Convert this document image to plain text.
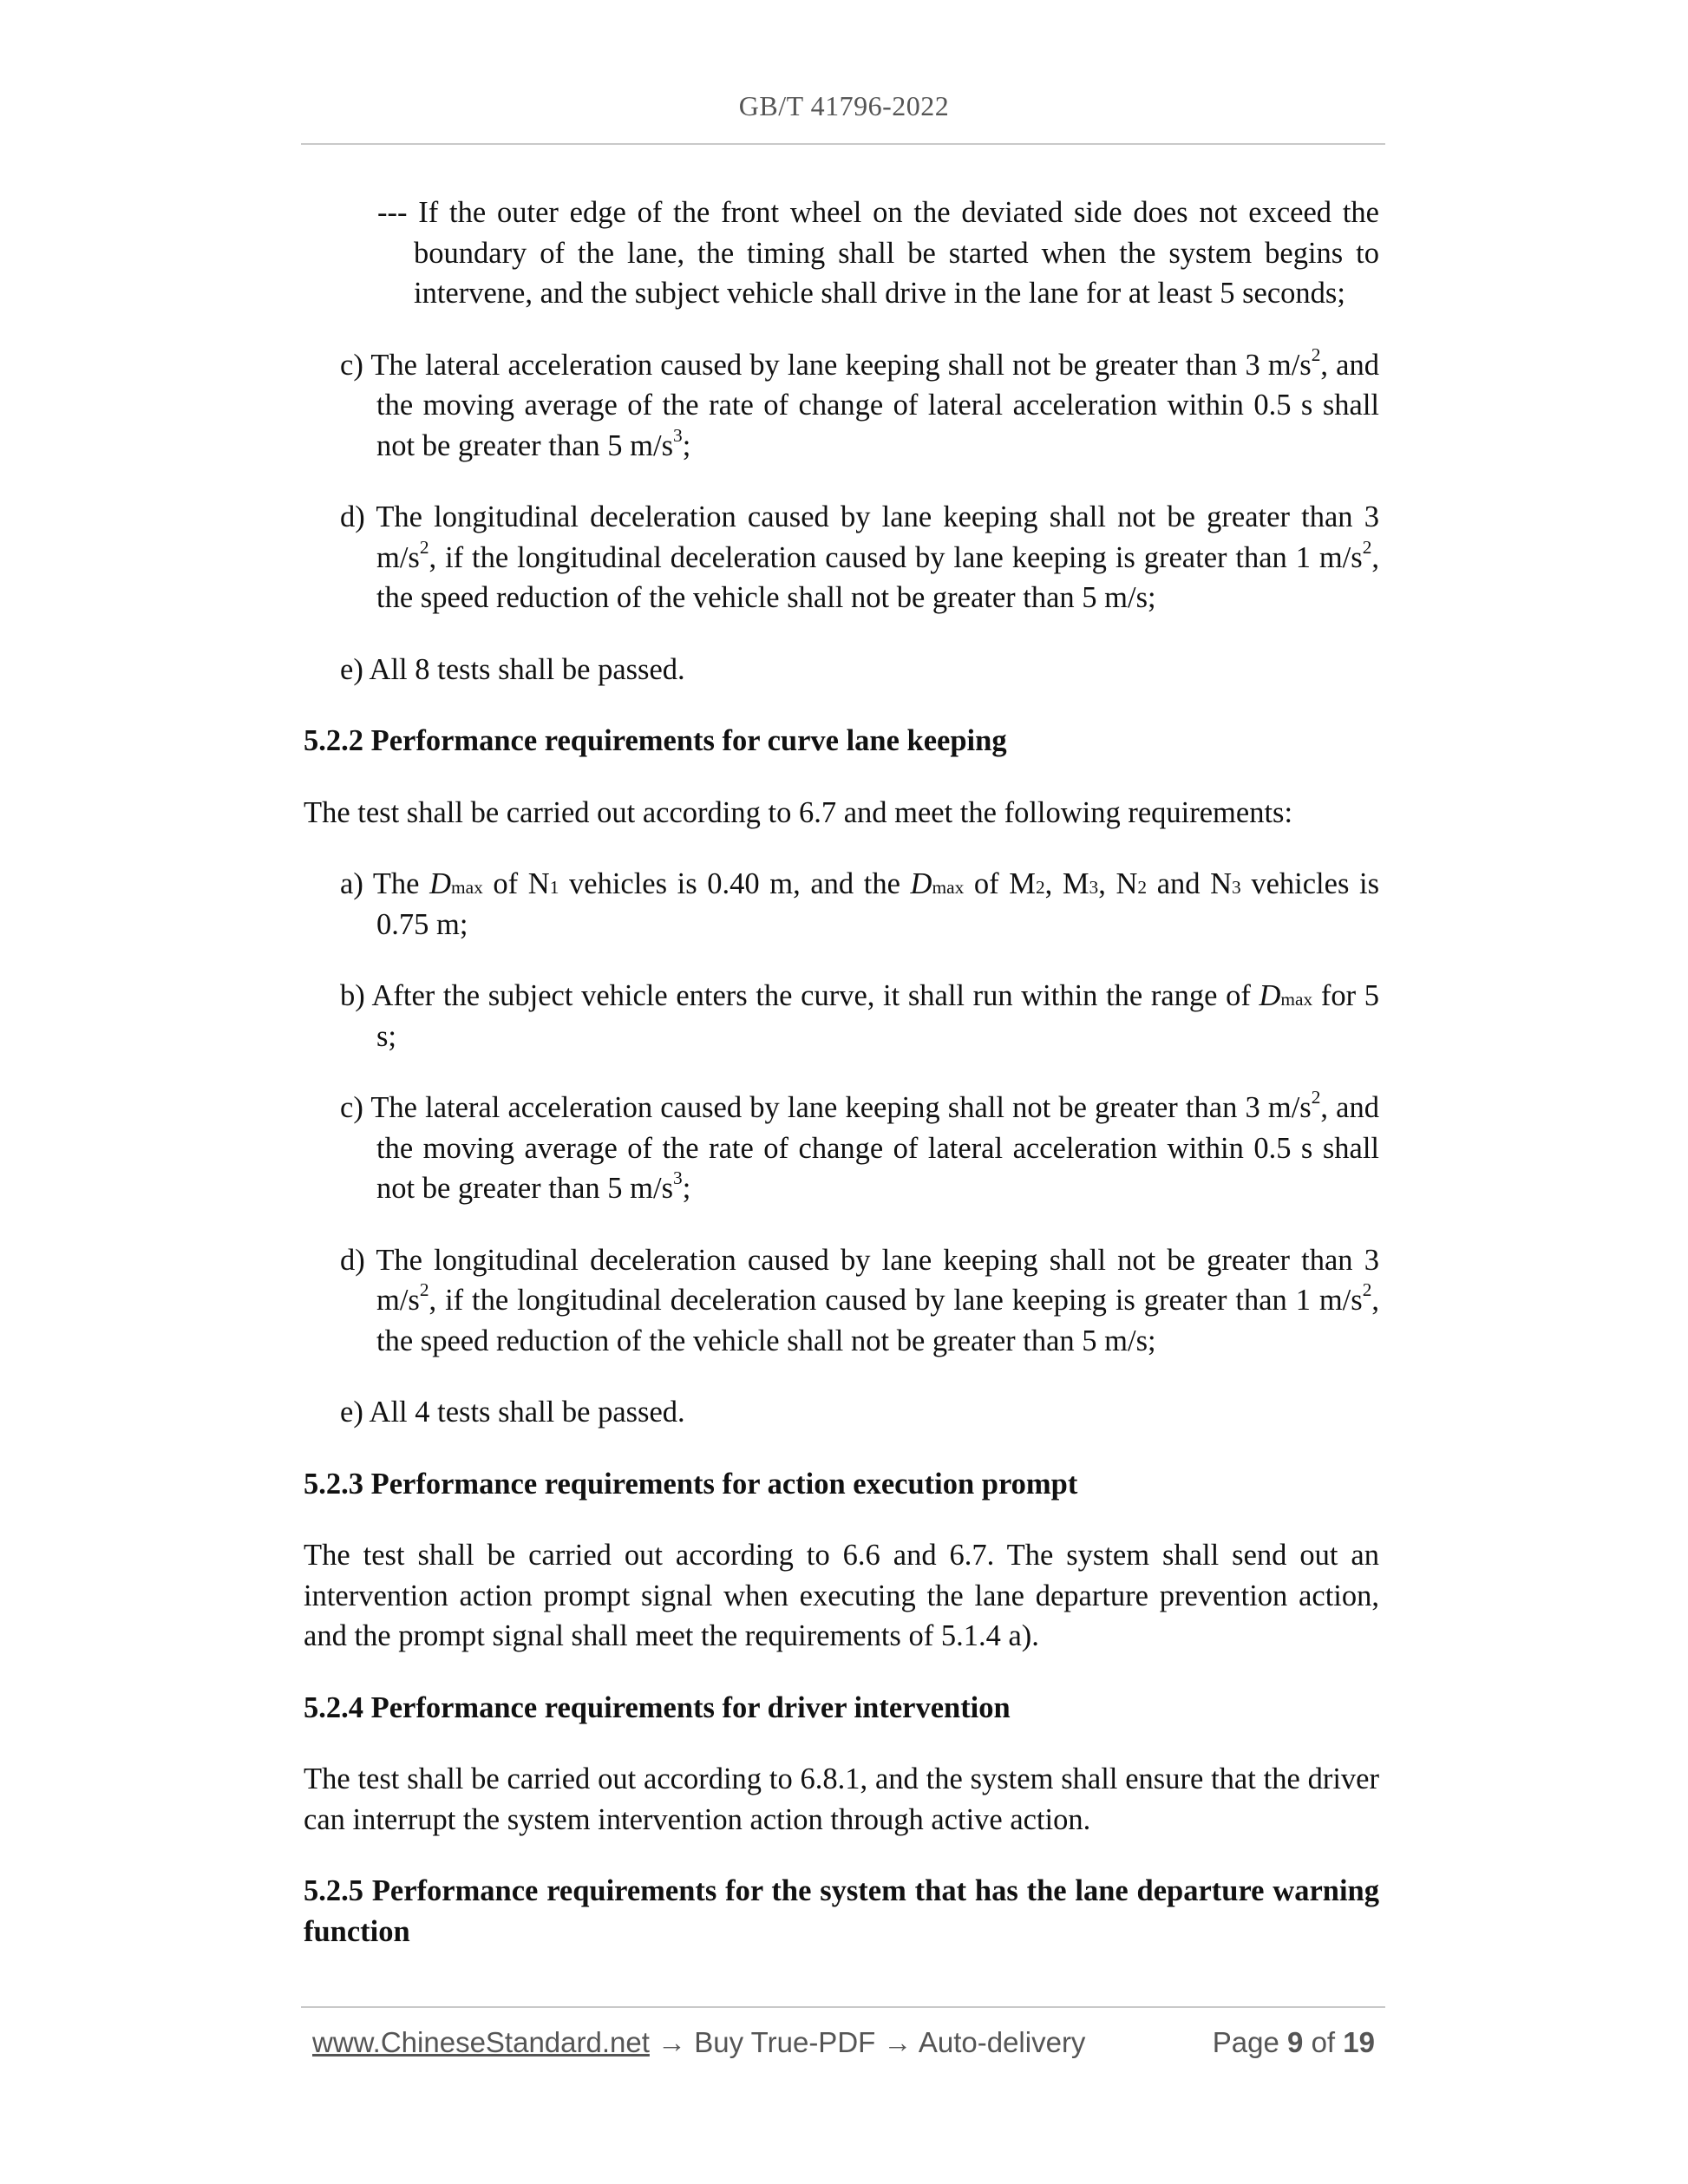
GB/T 41796-2022

--- If the outer edge of the front wheel on the deviated side does not exceed the boundary of the lane, the timing shall be started when the system begins to intervene, and the subject vehicle shall drive in the lane for at least 5 seconds;

c) The lateral acceleration caused by lane keeping shall not be greater than 3 $m/s^2$, and the moving average of the rate of change of lateral acceleration within 0.5 s shall not be greater than 5 $m/s^3$;

d) The longitudinal deceleration caused by lane keeping shall not be greater than 3 $m/s^2$, if the longitudinal deceleration caused by lane keeping is greater than 1 $m/s^2$, the speed reduction of the vehicle shall not be greater than 5 m/s;

e) All 8 tests shall be passed.

5.2.2 Performance requirements for curve lane keeping

The test shall be carried out according to 6.7 and meet the following requirements:

a) The Dmax of N1 vehicles is 0.40 m, and the Dmax of M2, M3, N2 and N3 vehicles is 0.75 m;

b) After the subject vehicle enters the curve, it shall run within the range of Dmax for 5 s;

c) The lateral acceleration caused by lane keeping shall not be greater than 3 $m/s^2$, and the moving average of the rate of change of lateral acceleration within 0.5 s shall not be greater than 5 $m/s^3$;

d) The longitudinal deceleration caused by lane keeping shall not be greater than 3 $m/s^2$, if the longitudinal deceleration caused by lane keeping is greater than 1 $m/s^2$, the speed reduction of the vehicle shall not be greater than 5 m/s;

e) All 4 tests shall be passed.

5.2.3 Performance requirements for action execution prompt

The test shall be carried out according to 6.6 and 6.7. The system shall send out an intervention action prompt signal when executing the lane departure prevention action, and the prompt signal shall meet the requirements of 5.1.4 a).

5.2.4 Performance requirements for driver intervention

The test shall be carried out according to 6.8.1, and the system shall ensure that the driver can interrupt the system intervention action through active action.

5.2.5 Performance requirements for the system that has the lane departure warning function

www.ChineseStandard.net → Buy True-PDF → Auto-delivery	Page 9 of 19
